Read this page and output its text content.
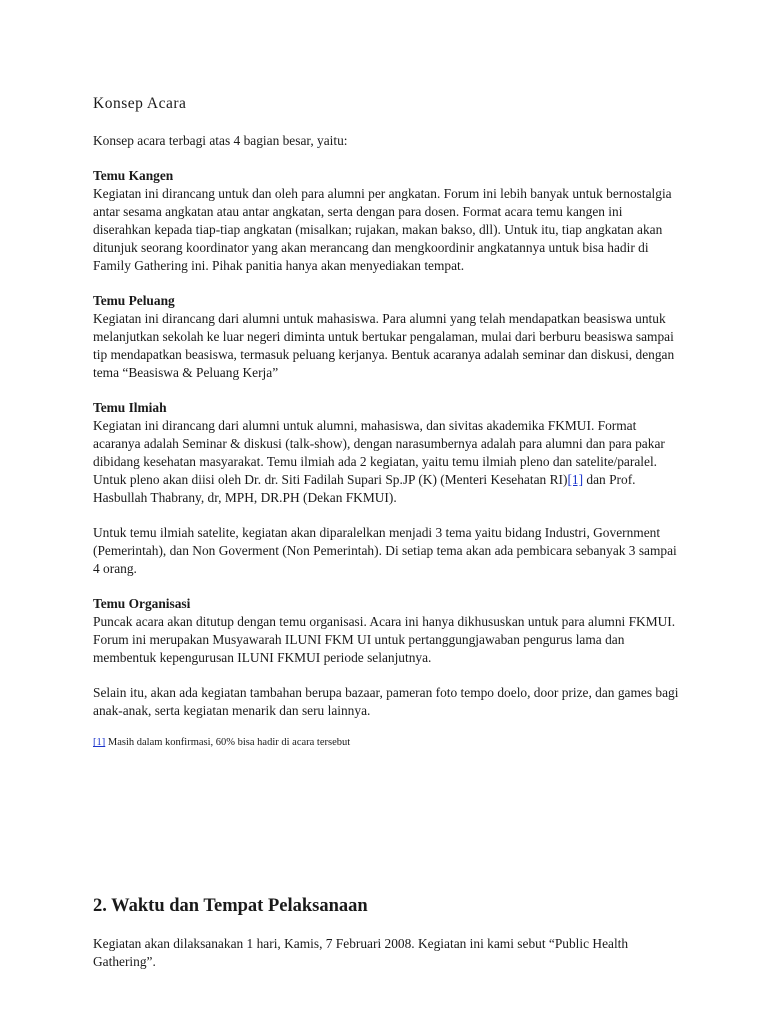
Konsep Acara

Konsep acara terbagi atas 4 bagian besar, yaitu:

Temu Kangen

Kegiatan ini dirancang untuk dan oleh para alumni per angkatan. Forum ini lebih banyak untuk bernostalgia antar sesama angkatan atau antar angkatan, serta dengan para dosen. Format acara temu kangen ini diserahkan kepada tiap-tiap angkatan (misalkan; rujakan, makan bakso, dll). Untuk itu, tiap angkatan akan ditunjuk seorang koordinator yang akan merancang dan mengkoordinir angkatannya untuk bisa hadir di Family Gathering ini. Pihak panitia hanya akan menyediakan tempat.

Temu Peluang

Kegiatan ini dirancang dari alumni untuk mahasiswa. Para alumni yang telah mendapatkan beasiswa untuk melanjutkan sekolah ke luar negeri diminta untuk bertukar pengalaman, mulai dari berburu beasiswa sampai tip mendapatkan beasiswa, termasuk peluang kerjanya. Bentuk acaranya adalah seminar dan diskusi, dengan tema “Beasiswa & Peluang Kerja”

Temu Ilmiah

Kegiatan ini dirancang dari alumni untuk alumni, mahasiswa, dan sivitas akademika FKMUI. Format acaranya adalah Seminar & diskusi (talk-show), dengan narasumbernya adalah para alumni dan para pakar dibidang kesehatan masyarakat. Temu ilmiah ada 2 kegiatan, yaitu temu ilmiah pleno dan satelite/paralel. Untuk pleno akan diisi oleh Dr. dr. Siti Fadilah Supari Sp.JP (K) (Menteri Kesehatan RI)[1] dan Prof. Hasbullah Thabrany, dr, MPH, DR.PH (Dekan FKMUI).

Untuk temu ilmiah satelite, kegiatan akan diparalelkan menjadi 3 tema yaitu bidang Industri, Government (Pemerintah), dan Non Goverment (Non Pemerintah). Di setiap tema akan ada pembicara sebanyak 3 sampai 4 orang.

Temu Organisasi

Puncak acara akan ditutup dengan temu organisasi. Acara ini hanya dikhususkan untuk para alumni FKMUI. Forum ini merupakan Musyawarah ILUNI FKM UI untuk pertanggungjawaban pengurus lama dan membentuk kepengurusan ILUNI FKMUI periode selanjutnya.

Selain itu, akan ada kegiatan tambahan berupa bazaar, pameran foto tempo doelo, door prize, dan games bagi anak-anak, serta kegiatan menarik dan seru lainnya.

[1] Masih dalam konfirmasi, 60% bisa hadir di acara tersebut

2. Waktu dan Tempat Pelaksanaan

Kegiatan akan dilaksanakan 1 hari, Kamis, 7 Februari 2008. Kegiatan ini kami sebut “Public Health Gathering”.
